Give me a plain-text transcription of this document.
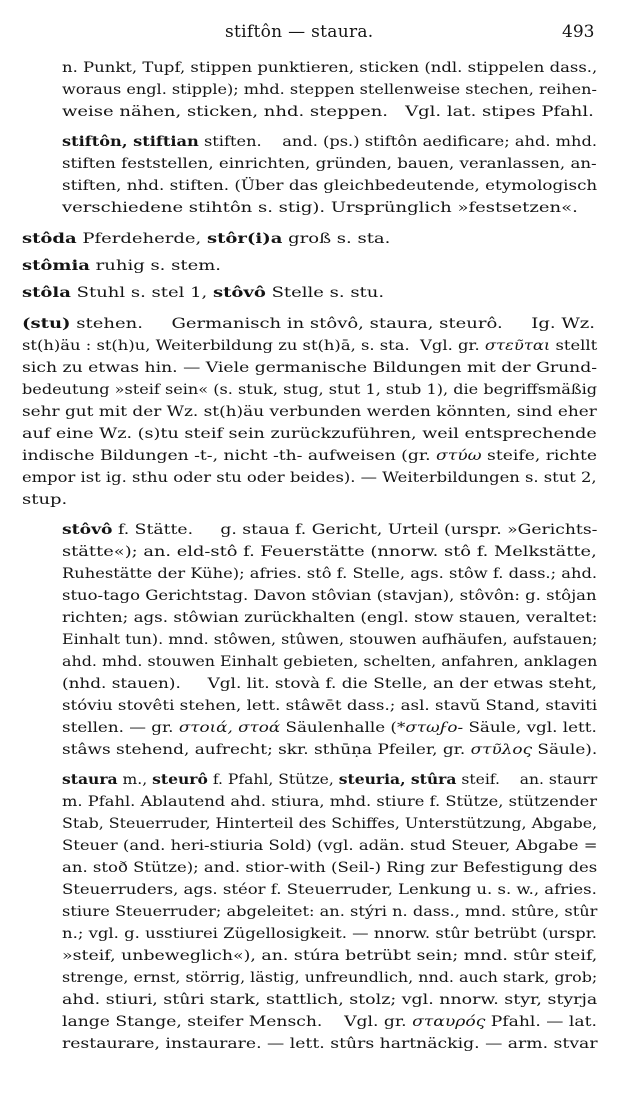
stiftôn — staura.	493
n. Punkt, Tupf, stippen punktieren, sticken (ndl. stippelen dass.,
woraus engl. stipple); mhd. steppen stellenweise stechen, reihen-
weise nähen, sticken, nhd. steppen.   Vgl. lat. stipes Pfahl.
stiftôn, stiftian stiften.    and. (ps.) stiftôn aedificare; ahd. mhd.
stiften feststellen, einrichten, gründen, bauen, veranlassen, an-
stiften, nhd. stiften. (Über das gleichbedeutende, etymologisch
verschiedene stihtôn s. stig). Ursprünglich »festsetzen«.
stôda Pferdeherde, stôr(i)a groß s. sta.
stômia ruhig s. stem.
stôla Stuhl s. stel 1, stôvô Stelle s. stu.
(stu) stehen.     Germanisch in stôvô, staura, steurô.     Ig. Wz.
st(h)äu : st(h)u, Weiterbildung zu st(h)ā, s. sta.  Vgl. gr. στεῦται stellt
sich zu etwas hin. — Viele germanische Bildungen mit der Grund-
bedeutung »steif sein« (s. stuk, stug, stut 1, stub 1), die begriffsmäßig
sehr gut mit der Wz. st(h)äu verbunden werden könnten, sind eher
auf eine Wz. (s)tu steif sein zurückzuführen, weil entsprechende
indische Bildungen -t-, nicht -th- aufweisen (gr. στύω steife, richte
empor ist ig. sthu oder stu oder beides). — Weiterbildungen s. stut 2,
stup.
stôvô f. Stätte.     g. staua f. Gericht, Urteil (urspr. »Gerichts-
stätte«); an. eld-stô f. Feuerstätte (nnorw. stô f. Melkstätte,
Ruhestätte der Kühe); afries. stô f. Stelle, ags. stôw f. dass.; ahd.
stuo-tago Gerichtstag. Davon stôvian (stavjan), stôvôn: g. stôjan
richten; ags. stôwian zurückhalten (engl. stow stauen, veraltet:
Einhalt tun). mnd. stôwen, stûwen, stouwen aufhäufen, aufstauen;
ahd. mhd. stouwen Einhalt gebieten, schelten, anfahren, anklagen
(nhd. stauen).     Vgl. lit. stovà f. die Stelle, an der etwas steht,
stóviu stovêti stehen, lett. stâwēt dass.; asl. stavŭ Stand, staviti
stellen. — gr. στοιά, στοά Säulenhalle (*στωϝο- Säule, vgl. lett.
stâws stehend, aufrecht; skr. sthūṇa Pfeiler, gr. στῦλος Säule).
staura m., steurô f. Pfahl, Stütze, steuria, stûra steif.    an. staurr
m. Pfahl. Ablautend ahd. stiura, mhd. stiure f. Stütze, stützender
Stab, Steuerruder, Hinterteil des Schiffes, Unterstützung, Abgabe,
Steuer (and. heri-stiuria Sold) (vgl. adän. stud Steuer, Abgabe =
an. stoð Stütze); and. stior-with (Seil-) Ring zur Befestigung des
Steuerruders, ags. stéor f. Steuerruder, Lenkung u. s. w., afries.
stiure Steuerruder; abgeleitet: an. stýri n. dass., mnd. stûre, stûr
n.; vgl. g. usstiurei Zügellosigkeit. — nnorw. stûr betrübt (urspr.
»steif, unbeweglich«), an. stúra betrübt sein; mnd. stûr steif,
strenge, ernst, störrig, lästig, unfreundlich, nnd. auch stark, grob;
ahd. stiuri, stûri stark, stattlich, stolz; vgl. nnorw. styr, styrja
lange Stange, steifer Mensch.    Vgl. gr. σταυρός Pfahl. — lat.
restaurare, instaurare. — lett. stûrs hartnäckig. — arm. stvar
